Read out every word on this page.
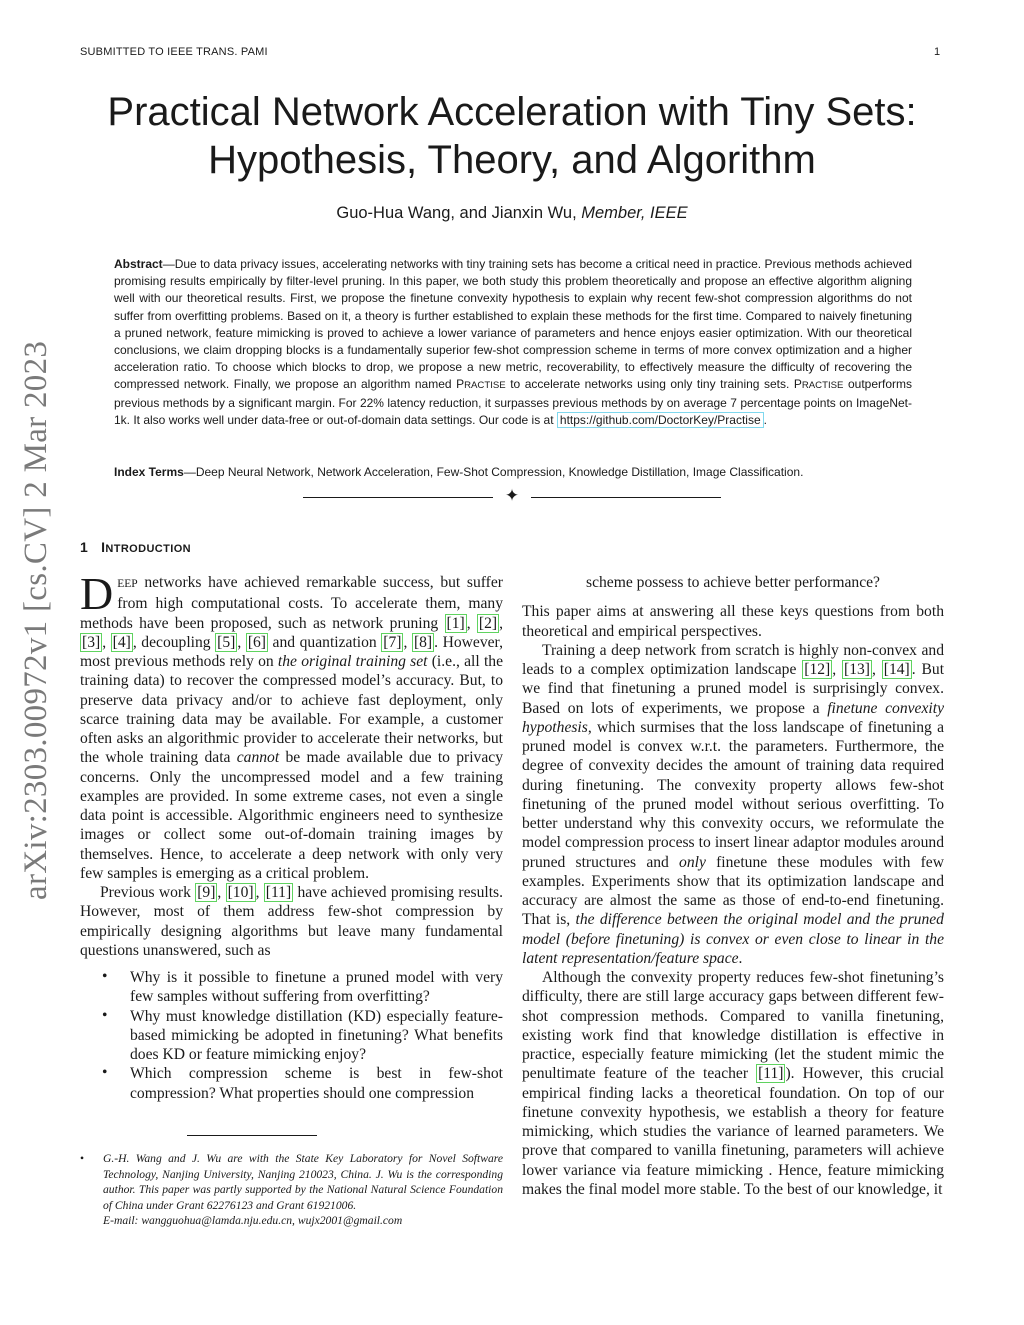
SUBMITTED TO IEEE TRANS. PAMI	1
Practical Network Acceleration with Tiny Sets:
Hypothesis, Theory, and Algorithm
Guo-Hua Wang, and Jianxin Wu, Member, IEEE
Abstract—Due to data privacy issues, accelerating networks with tiny training sets has become a critical need in practice. Previous methods achieved promising results empirically by filter-level pruning. In this paper, we both study this problem theoretically and propose an effective algorithm aligning well with our theoretical results. First, we propose the finetune convexity hypothesis to explain why recent few-shot compression algorithms do not suffer from overfitting problems. Based on it, a theory is further established to explain these methods for the first time. Compared to naively finetuning a pruned network, feature mimicking is proved to achieve a lower variance of parameters and hence enjoys easier optimization. With our theoretical conclusions, we claim dropping blocks is a fundamentally superior few-shot compression scheme in terms of more convex optimization and a higher acceleration ratio. To choose which blocks to drop, we propose a new metric, recoverability, to effectively measure the difficulty of recovering the compressed network. Finally, we propose an algorithm named PRACTISE to accelerate networks using only tiny training sets. PRACTISE outperforms previous methods by a significant margin. For 22% latency reduction, it surpasses previous methods by on average 7 percentage points on ImageNet-1k. It also works well under data-free or out-of-domain data settings. Our code is at https://github.com/DoctorKey/Practise .
Index Terms—Deep Neural Network, Network Acceleration, Few-Shot Compression, Knowledge Distillation, Image Classification.
✦
arXiv:2303.00972v1 [cs.CV] 2 Mar 2023 1 INTRODUCTION

DEEP networks have achieved remarkable success, but suffer from high computational costs. To accelerate them, many methods have been proposed, such as network pruning [1] , [2] , [3] , [4] , decoupling [5] , [6] and quantization [7] , [8] . However, most previous methods rely on the original training set (i.e., all the training data) to recover the compressed model’s accuracy. But, to preserve data privacy and/or to achieve fast deployment, only scarce training data may be available. For example, a customer often asks an algorithmic provider to accelerate their networks, but the whole training data cannot be made available due to privacy concerns. Only the uncompressed model and a few training examples are provided. In some extreme cases, not even a single data point is accessible. Algorithmic engineers need to synthesize images or collect some out-of-domain training images by themselves. Hence, to accelerate a deep network with only very few samples is emerging as a critical problem.

Previous work [9] , [10] , [11] have achieved promising results. However, most of them address few-shot compression by empirically designing algorithms but leave many fundamental questions unanswered, such as

• Why is it possible to finetune a pruned model with very few samples without suffering from overfitting?
• Why must knowledge distillation (KD) especially feature-based mimicking be adopted in finetuning? What benefits does KD or feature mimicking enjoy?
• Which compression scheme is best in few-shot compression? What properties should one compression
• G.-H. Wang and J. Wu are with the State Key Laboratory for Novel Software Technology, Nanjing University, Nanjing 210023, China. J. Wu is the corresponding author. This paper was partly supported by the National Natural Science Foundation of China under Grant 62276123 and Grant 61921006.
E-mail: wangguohua@lamda.nju.edu.cn, wujx2001@gmail.com

scheme possess to achieve better performance?

This paper aims at answering all these keys questions from both theoretical and empirical perspectives.

Training a deep network from scratch is highly non-convex and leads to a complex optimization landscape [12] , [13] , [14] . But we find that finetuning a pruned model is surprisingly convex. Based on lots of experiments, we propose a finetune convexity hypothesis, which surmises that the loss landscape of finetuning a pruned model is convex w.r.t. the parameters. Furthermore, the degree of convexity decides the amount of training data required during finetuning. The convexity property allows few-shot finetuning of the pruned model without serious overfitting. To better understand why this convexity occurs, we reformulate the model compression process to insert linear adaptor modules around pruned structures and only finetune these modules with few examples. Experiments show that its optimization landscape and accuracy are almost the same as those of end-to-end finetuning. That is, the difference between the original model and the pruned model (before finetuning) is convex or even close to linear in the latent representation/feature space.

Although the convexity property reduces few-shot finetuning’s difficulty, there are still large accuracy gaps between different few-shot compression methods. Compared to vanilla finetuning, existing work find that knowledge distillation is effective in practice, especially feature mimicking (let the student mimic the penultimate feature of the teacher [11] ). However, this crucial empirical finding lacks a theoretical foundation. On top of our finetune convexity hypothesis, we establish a theory for feature mimicking, which studies the variance of learned parameters. We prove that compared to vanilla finetuning, parameters will achieve lower variance via feature mimicking . Hence, feature mimicking makes the final model more stable. To the best of our knowledge, it
